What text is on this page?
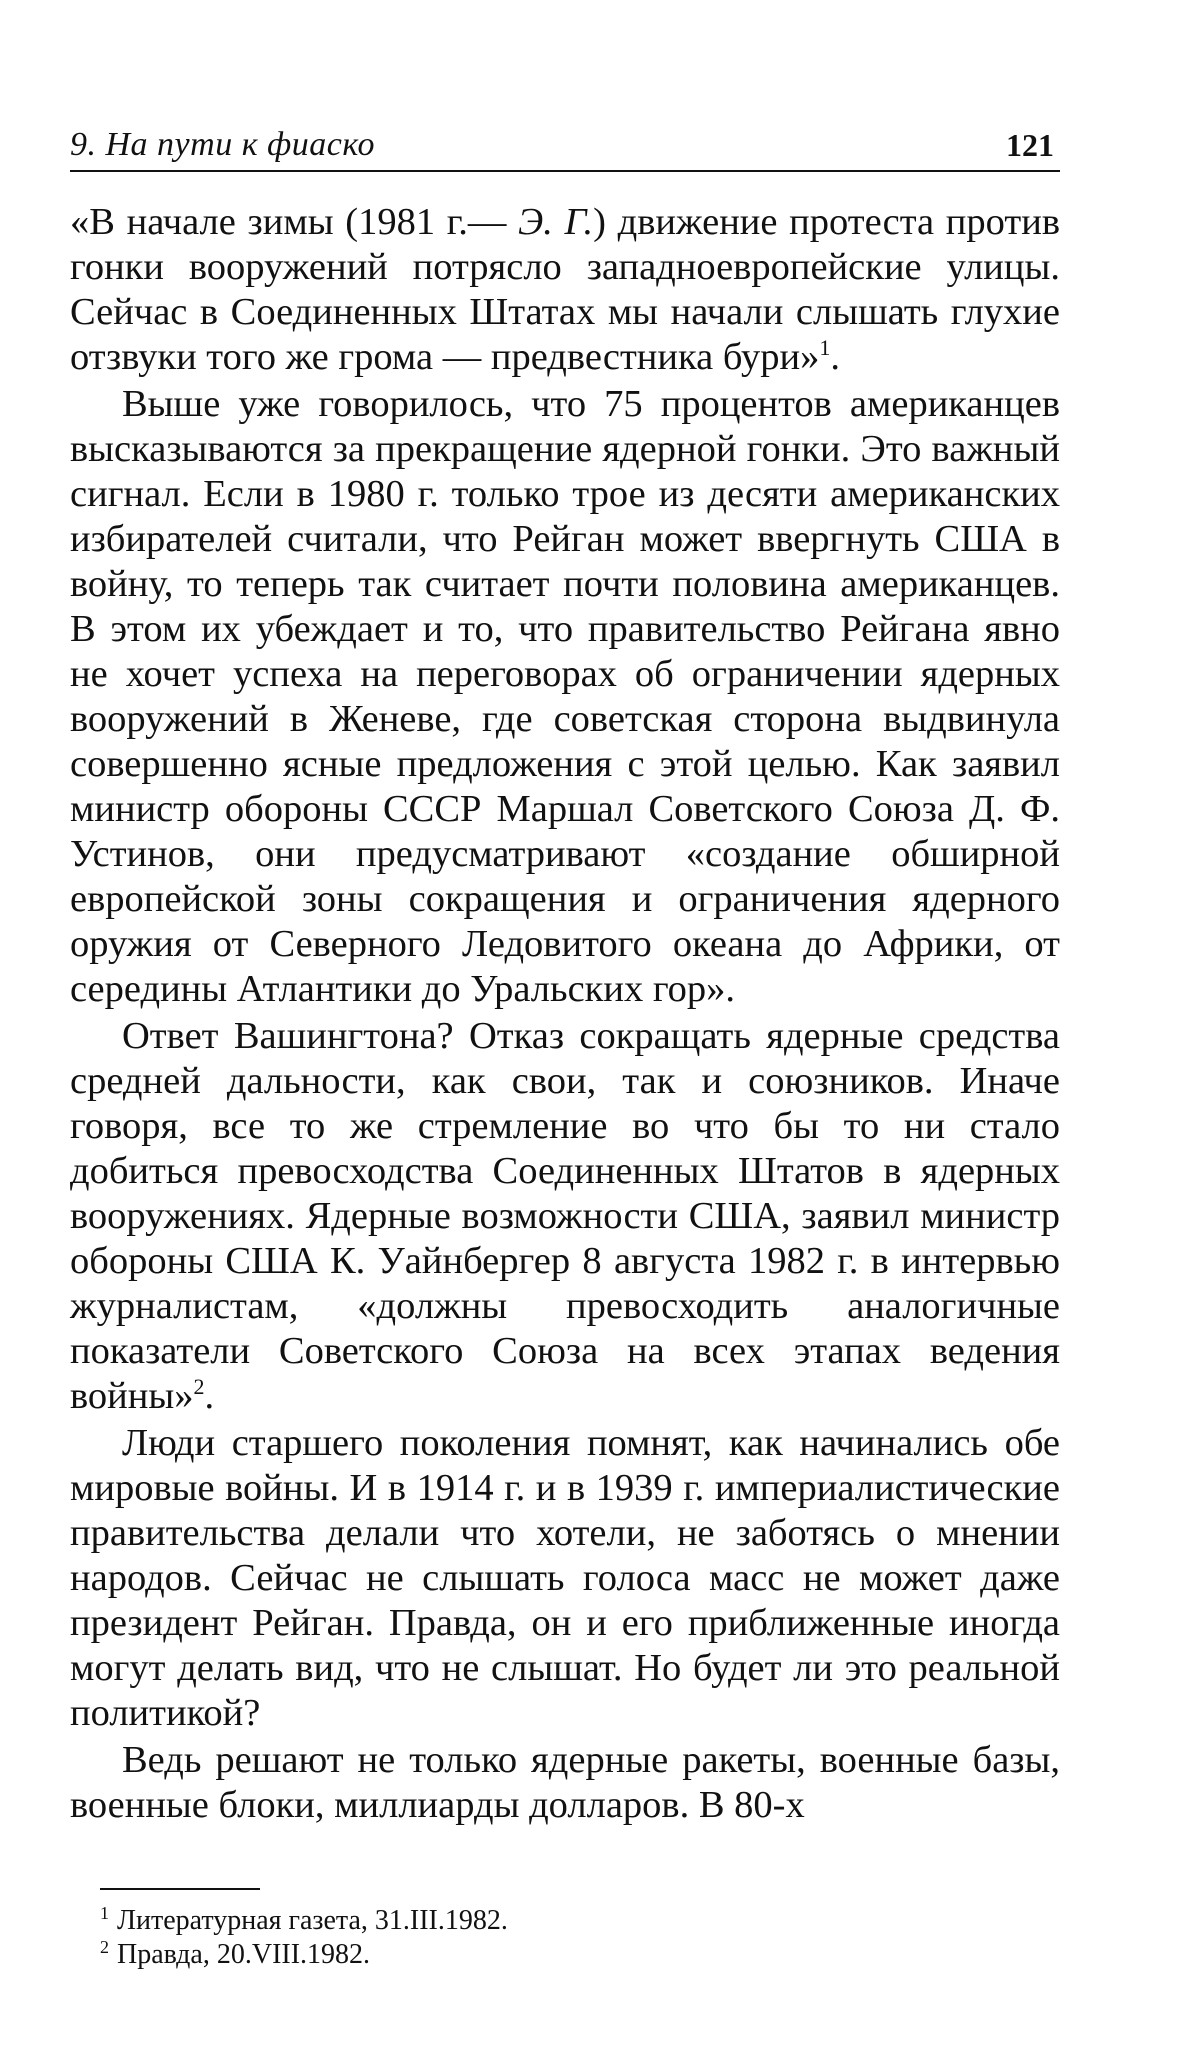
9. На пути к фиаско	121

«В начале зимы (1981 г.— Э. Г.) движение протеста против гонки вооружений потрясло западноевропейские улицы. Сейчас в Соединенных Штатах мы начали слышать глухие отзвуки того же грома — предвестника бури»$^1$.

Выше уже говорилось, что 75 процентов американцев высказываются за прекращение ядерной гонки. Это важный сигнал. Если в 1980 г. только трое из десяти американских избирателей считали, что Рейган может ввергнуть США в войну, то теперь так считает почти половина американцев. В этом их убеждает и то, что правительство Рейгана явно не хочет успеха на переговорах об ограничении ядерных вооружений в Женеве, где советская сторона выдвинула совершенно ясные предложения с этой целью. Как заявил министр обороны СССР Маршал Советского Союза Д. Ф. Устинов, они предусматривают «создание обширной европейской зоны сокращения и ограничения ядерного оружия от Северного Ледовитого океана до Африки, от середины Атлантики до Уральских гор».

Ответ Вашингтона? Отказ сокращать ядерные средства средней дальности, как свои, так и союзников. Иначе говоря, все то же стремление во что бы то ни стало добиться превосходства Соединенных Штатов в ядерных вооружениях. Ядерные возможности США, заявил министр обороны США К. Уайнбергер 8 августа 1982 г. в интервью журналистам, «должны превосходить аналогичные показатели Советского Союза на всех этапах ведения войны»$^2$.

Люди старшего поколения помнят, как начинались обе мировые войны. И в 1914 г. и в 1939 г. империалистические правительства делали что хотели, не заботясь о мнении народов. Сейчас не слышать голоса масс не может даже президент Рейган. Правда, он и его приближенные иногда могут делать вид, что не слышат. Но будет ли это реальной политикой?

Ведь решают не только ядерные ракеты, военные базы, военные блоки, миллиарды долларов. В 80-х

$^1$ Литературная газета, 31.III.1982.
$^2$ Правда, 20.VIII.1982.
